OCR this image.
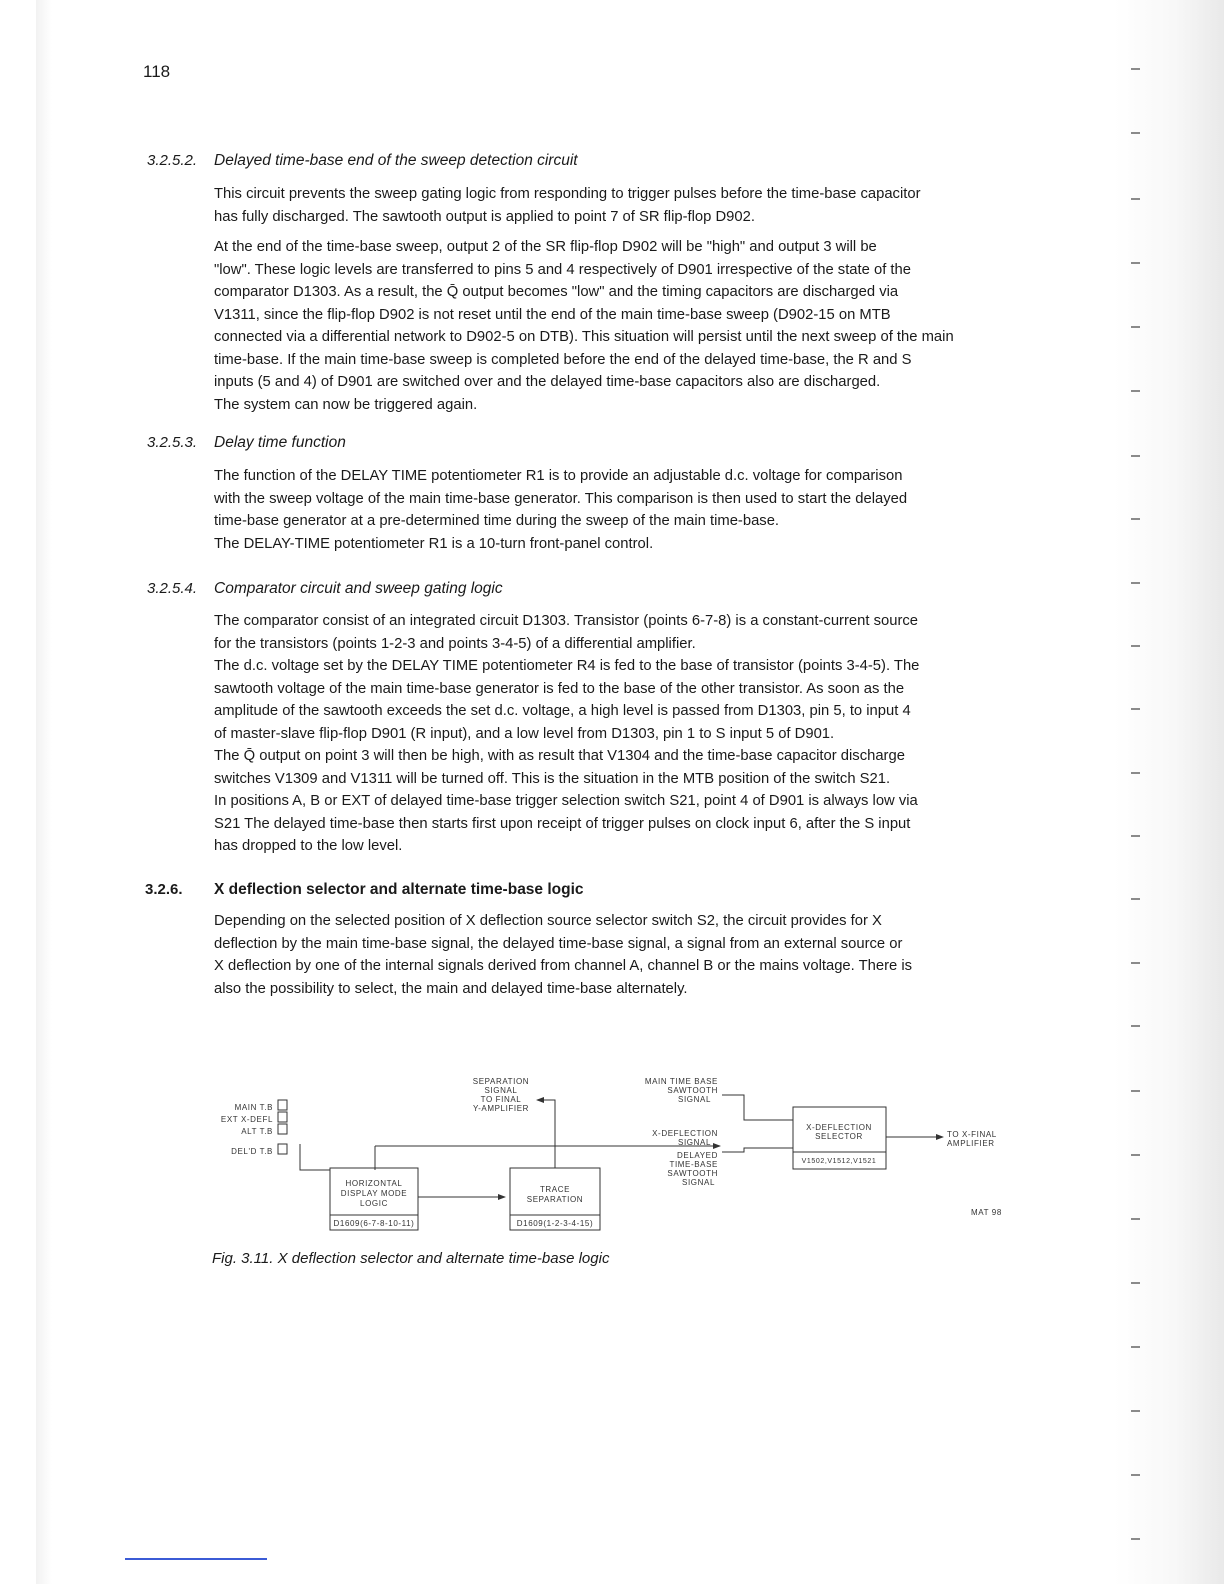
118
3.2.5.2. Delayed time-base end of the sweep detection circuit
This circuit prevents the sweep gating logic from responding to trigger pulses before the time-base capacitor
has fully discharged. The sawtooth output is applied to point 7 of SR flip-flop D902.
At the end of the time-base sweep, output 2 of the SR flip-flop D902 will be "high" and output 3 will be
"low". These logic levels are transferred to pins 5 and 4 respectively of D901 irrespective of the state of the
comparator D1303. As a result, the Q̄ output becomes "low" and the timing capacitors are discharged via
V1311, since the flip-flop D902 is not reset until the end of the main time-base sweep (D902-15 on MTB
connected via a differential network to D902-5 on DTB). This situation will persist until the next sweep of the main
time-base. If the main time-base sweep is completed before the end of the delayed time-base, the R and S
inputs (5 and 4) of D901 are switched over and the delayed time-base capacitors also are discharged.
The system can now be triggered again.
3.2.5.3. Delay time function
The function of the DELAY TIME potentiometer R1 is to provide an adjustable d.c. voltage for comparison
with the sweep voltage of the main time-base generator. This comparison is then used to start the delayed
time-base generator at a pre-determined time during the sweep of the main time-base.
The DELAY-TIME potentiometer R1 is a 10-turn front-panel control.
3.2.5.4. Comparator circuit and sweep gating logic
The comparator consist of an integrated circuit D1303. Transistor (points 6-7-8) is a constant-current source
for the transistors (points 1-2-3 and points 3-4-5) of a differential amplifier.
The d.c. voltage set by the DELAY TIME potentiometer R4 is fed to the base of transistor (points 3-4-5). The
sawtooth voltage of the main time-base generator is fed to the base of the other transistor. As soon as the
amplitude of the sawtooth exceeds the set d.c. voltage, a high level is passed from D1303, pin 5, to input 4
of master-slave flip-flop D901 (R input), and a low level from D1303, pin 1 to S input 5 of D901.
The Q̄ output on point 3 will then be high, with as result that V1304 and the time-base capacitor discharge
switches V1309 and V1311 will be turned off. This is the situation in the MTB position of the switch S21.
In positions A, B or EXT of delayed time-base trigger selection switch S21, point 4 of D901 is always low via
S21 The delayed time-base then starts first upon receipt of trigger pulses on clock input 6, after the S input
has dropped to the low level.
3.2.6. X deflection selector and alternate time-base logic
Depending on the selected position of X deflection source selector switch S2, the circuit provides for X
deflection by the main time-base signal, the delayed time-base signal, a signal from an external source or
X deflection by one of the internal signals derived from channel A, channel B or the mains voltage. There is
also the possibility to select, the main and delayed time-base alternately.
MAIN T.B
EXT X-DEFL
ALT T.B
DEL'D T.B
HORIZONTAL
DISPLAY MODE
LOGIC
D1609(6-7-8-10-11)
TRACE
SEPARATION
D1609(1-2-3-4-15)
SEPARATION
SIGNAL
TO FINAL
Y-AMPLIFIER
MAIN TIME BASE
SAWTOOTH
SIGNAL
X-DEFLECTION
SIGNAL
DELAYED
TIME-BASE
SAWTOOTH
SIGNAL
X-DEFLECTION
SELECTOR
V1502,V1512,V1521
TO X-FINAL
AMPLIFIER
MAT 98
Fig. 3.11. X deflection selector and alternate time-base logic
